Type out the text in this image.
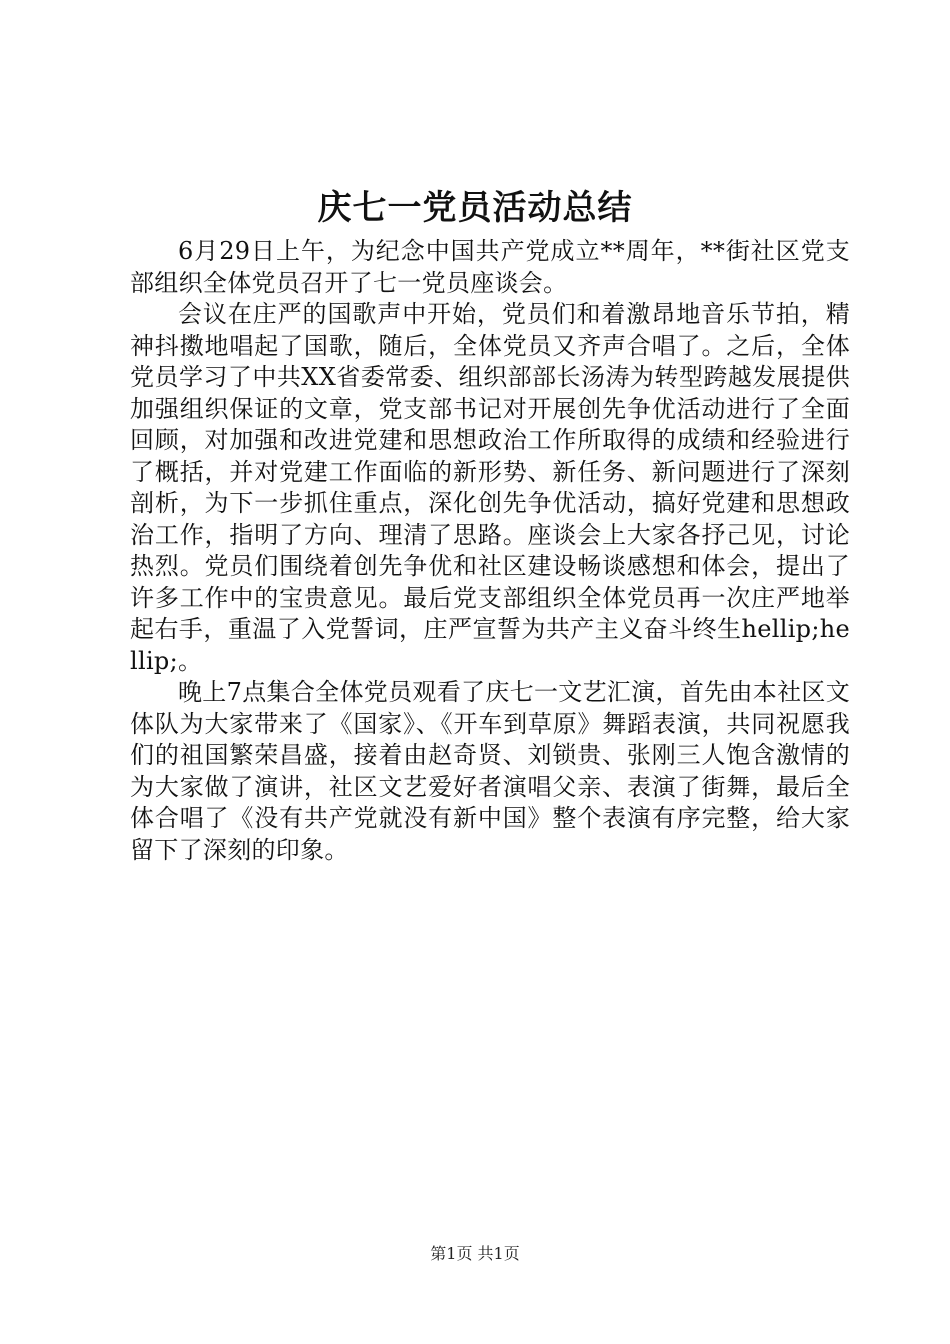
庆七一党员活动总结

6月29日上午，为纪念中国共产党成立**周年，**街社区党支部组织全体党员召开了七一党员座谈会。

会议在庄严的国歌声中开始，党员们和着激昂地音乐节拍，精神抖擞地唱起了国歌，随后，全体党员又齐声合唱了。之后，全体党员学习了中共XX省委常委、组织部部长汤涛为转型跨越发展提供加强组织保证的文章，党支部书记对开展创先争优活动进行了全面回顾，对加强和改进党建和思想政治工作所取得的成绩和经验进行了概括，并对党建工作面临的新形势、新任务、新问题进行了深刻剖析，为下一步抓住重点，深化创先争优活动，搞好党建和思想政治工作，指明了方向、理清了思路。座谈会上大家各抒己见，讨论热烈。党员们围绕着创先争优和社区建设畅谈感想和体会，提出了许多工作中的宝贵意见。最后党支部组织全体党员再一次庄严地举起右手，重温了入党誓词，庄严宣誓为共产主义奋斗终生hellip;hellip;。

晚上7点集合全体党员观看了庆七一文艺汇演，首先由本社区文体队为大家带来了《国家》、《开车到草原》舞蹈表演，共同祝愿我们的祖国繁荣昌盛，接着由赵奇贤、刘锁贵、张刚三人饱含激情的为大家做了演讲，社区文艺爱好者演唱父亲、表演了街舞，最后全体合唱了《没有共产党就没有新中国》整个表演有序完整，给大家留下了深刻的印象。

第1页 共1页
